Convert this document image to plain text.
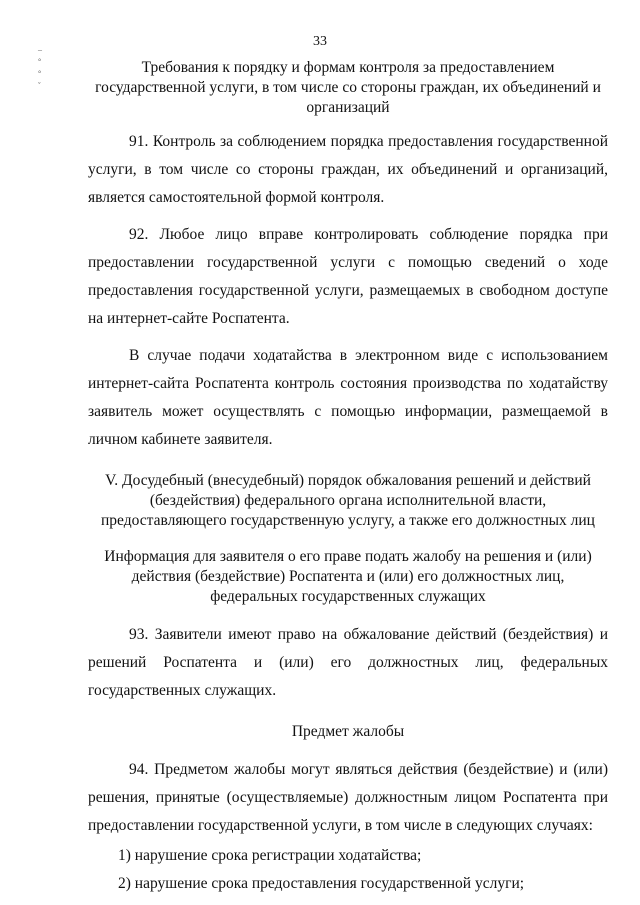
33
–
°
°
ˇ

Требования к порядку и формам контроля за предоставлением государственной услуги, в том числе со стороны граждан, их объединений и организаций

91. Контроль за соблюдением порядка предоставления государственной услуги, в том числе со стороны граждан, их объединений и организаций, является самостоятельной формой контроля.

92. Любое лицо вправе контролировать соблюдение порядка при предоставлении государственной услуги с помощью сведений о ходе предоставления государственной услуги, размещаемых в свободном доступе на интернет-сайте Роспатента.

В случае подачи ходатайства в электронном виде с использованием интернет-сайта Роспатента контроль состояния производства по ходатайству заявитель может осуществлять с помощью информации, размещаемой в личном кабинете заявителя.

V. Досудебный (внесудебный) порядок обжалования решений и действий (бездействия) федерального органа исполнительной власти, предоставляющего государственную услугу, а также его должностных лиц

Информация для заявителя о его праве подать жалобу на решения и (или) действия (бездействие) Роспатента и (или) его должностных лиц, федеральных государственных служащих

93. Заявители имеют право на обжалование действий (бездействия) и решений Роспатента и (или) его должностных лиц, федеральных государственных служащих.

Предмет жалобы

94. Предметом жалобы могут являться действия (бездействие) и (или) решения, принятые (осуществляемые) должностным лицом Роспатента при предоставлении государственной услуги, в том числе в следующих случаях:

1) нарушение срока регистрации ходатайства;

2) нарушение срока предоставления государственной услуги;
